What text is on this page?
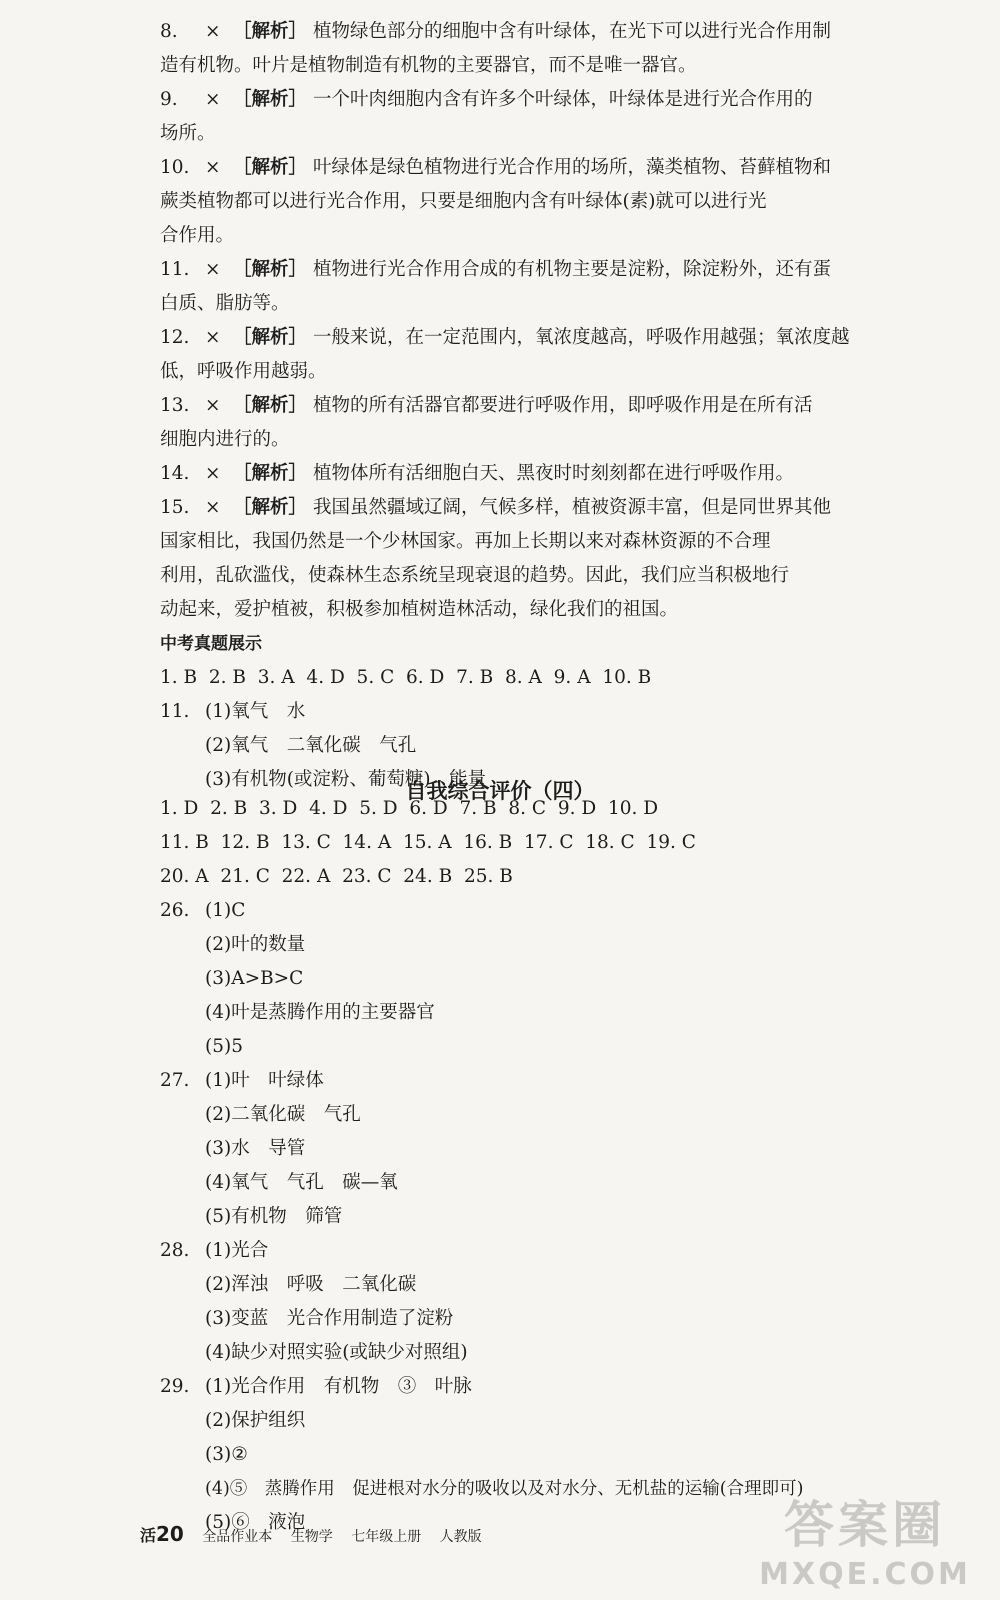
8. × ［解析］ 植物绿色部分的细胞中含有叶绿体，在光下可以进行光合作用制
造有机物。叶片是植物制造有机物的主要器官，而不是唯一器官。
9. × ［解析］ 一个叶肉细胞内含有许多个叶绿体，叶绿体是进行光合作用的
场所。
10. × ［解析］ 叶绿体是绿色植物进行光合作用的场所，藻类植物、苔藓植物和
蕨类植物都可以进行光合作用，只要是细胞内含有叶绿体(素)就可以进行光
合作用。
11. × ［解析］ 植物进行光合作用合成的有机物主要是淀粉，除淀粉外，还有蛋
白质、脂肪等。
12. × ［解析］ 一般来说，在一定范围内，氧浓度越高，呼吸作用越强；氧浓度越
低，呼吸作用越弱。
13. × ［解析］ 植物的所有活器官都要进行呼吸作用，即呼吸作用是在所有活
细胞内进行的。
14. × ［解析］ 植物体所有活细胞白天、黑夜时时刻刻都在进行呼吸作用。
15. × ［解析］ 我国虽然疆域辽阔，气候多样，植被资源丰富，但是同世界其他
国家相比，我国仍然是一个少林国家。再加上长期以来对森林资源的不合理
利用，乱砍滥伐，使森林生态系统呈现衰退的趋势。因此，我们应当积极地行
动起来，爱护植被，积极参加植树造林活动，绿化我们的祖国。
中考真题展示
1. B  2. B  3. A  4. D  5. C  6. D  7. B  8. A  9. A  10. B
11. (1)氧气　水
(2)氧气　二氧化碳　气孔
(3)有机物(或淀粉、葡萄糖)　能量
自我综合评价（四）
1. D  2. B  3. D  4. D  5. D  6. D  7. B  8. C  9. D  10. D
11. B  12. B  13. C  14. A  15. A  16. B  17. C  18. C  19. C
20. A  21. C  22. A  23. C  24. B  25. B
26. (1)C
(2)叶的数量
(3)A>B>C
(4)叶是蒸腾作用的主要器官
(5)5
27. (1)叶　叶绿体
(2)二氧化碳　气孔
(3)水　导管
(4)氧气　气孔　碳—氧
(5)有机物　筛管
28. (1)光合
(2)浑浊　呼吸　二氧化碳
(3)变蓝　光合作用制造了淀粉
(4)缺少对照实验(或缺少对照组)
29. (1)光合作用　有机物　③　叶脉
(2)保护组织
(3)②
(4)⑤　蒸腾作用　促进根对水分的吸收以及对水分、无机盐的运输(合理即可)
(5)⑥　液泡
活20 全品作业本 生物学 七年级上册 人教版	答案圈
MXQE.COM
